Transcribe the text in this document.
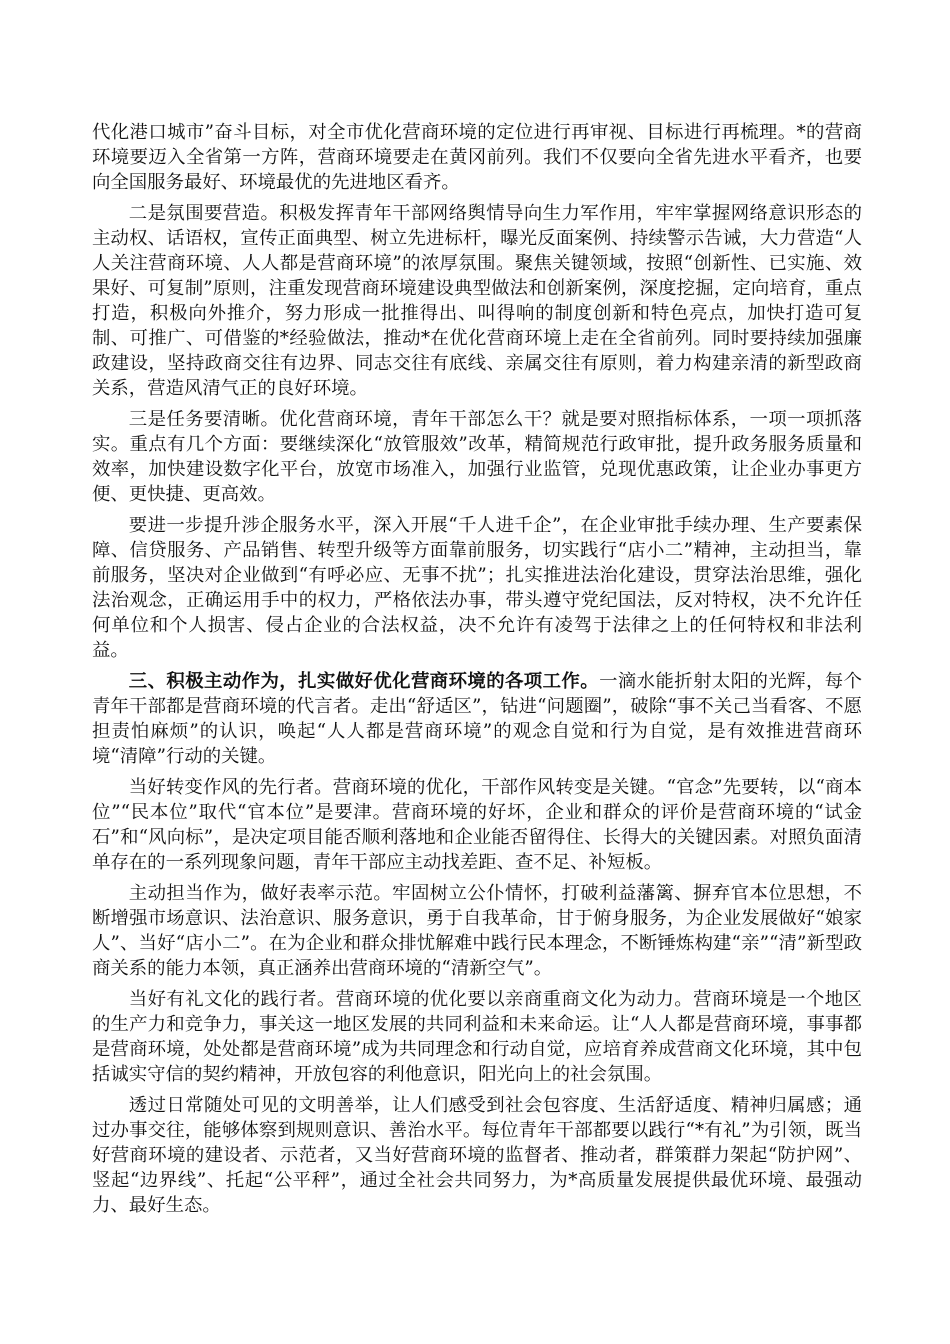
代化港口城市”奋斗目标，对全市优化营商环境的定位进行再审视、目标进行再梳理。*的营商环境要迈入全省第一方阵，营商环境要走在黄冈前列。我们不仅要向全省先进水平看齐，也要向全国服务最好、环境最优的先进地区看齐。

二是氛围要营造。积极发挥青年干部网络舆情导向生力军作用，牢牢掌握网络意识形态的主动权、话语权，宣传正面典型、树立先进标杆，曝光反面案例、持续警示告诫，大力营造“人人关注营商环境、人人都是营商环境”的浓厚氛围。聚焦关键领域，按照“创新性、已实施、效果好、可复制”原则，注重发现营商环境建设典型做法和创新案例，深度挖掘，定向培育，重点打造，积极向外推介，努力形成一批推得出、叫得响的制度创新和特色亮点，加快打造可复制、可推广、可借鉴的*经验做法，推动*在优化营商环境上走在全省前列。同时要持续加强廉政建设，坚持政商交往有边界、同志交往有底线、亲属交往有原则，着力构建亲清的新型政商关系，营造风清气正的良好环境。

三是任务要清晰。优化营商环境，青年干部怎么干？就是要对照指标体系，一项一项抓落实。重点有几个方面：要继续深化“放管服效”改革，精简规范行政审批，提升政务服务质量和效率，加快建设数字化平台，放宽市场准入，加强行业监管，兑现优惠政策，让企业办事更方便、更快捷、更高效。

要进一步提升涉企服务水平，深入开展“千人进千企”，在企业审批手续办理、生产要素保障、信贷服务、产品销售、转型升级等方面靠前服务，切实践行“店小二”精神，主动担当，靠前服务，坚决对企业做到“有呼必应、无事不扰”；扎实推进法治化建设，贯穿法治思维，强化法治观念，正确运用手中的权力，严格依法办事，带头遵守党纪国法，反对特权，决不允许任何单位和个人损害、侵占企业的合法权益，决不允许有凌驾于法律之上的任何特权和非法利益。

三、积极主动作为，扎实做好优化营商环境的各项工作。一滴水能折射太阳的光辉，每个青年干部都是营商环境的代言者。走出“舒适区”，钻进“问题圈”，破除“事不关己当看客、不愿担责怕麻烦”的认识，唤起“人人都是营商环境”的观念自觉和行为自觉，是有效推进营商环境“清障”行动的关键。

当好转变作风的先行者。营商环境的优化，干部作风转变是关键。“官念”先要转，以“商本位”“民本位”取代“官本位”是要津。营商环境的好坏，企业和群众的评价是营商环境的“试金石”和“风向标”，是决定项目能否顺利落地和企业能否留得住、长得大的关键因素。对照负面清单存在的一系列现象问题，青年干部应主动找差距、查不足、补短板。

主动担当作为，做好表率示范。牢固树立公仆情怀，打破利益藩篱、摒弃官本位思想，不断增强市场意识、法治意识、服务意识，勇于自我革命，甘于俯身服务，为企业发展做好“娘家人”、当好“店小二”。在为企业和群众排忧解难中践行民本理念，不断锤炼构建“亲”“清”新型政商关系的能力本领，真正涵养出营商环境的“清新空气”。

当好有礼文化的践行者。营商环境的优化要以亲商重商文化为动力。营商环境是一个地区的生产力和竞争力，事关这一地区发展的共同利益和未来命运。让“人人都是营商环境，事事都是营商环境，处处都是营商环境”成为共同理念和行动自觉，应培育养成营商文化环境，其中包括诚实守信的契约精神，开放包容的利他意识，阳光向上的社会氛围。

透过日常随处可见的文明善举，让人们感受到社会包容度、生活舒适度、精神归属感；通过办事交往，能够体察到规则意识、善治水平。每位青年干部都要以践行“*有礼”为引领，既当好营商环境的建设者、示范者，又当好营商环境的监督者、推动者，群策群力架起“防护网”、竖起“边界线”、托起“公平秤”，通过全社会共同努力，为*高质量发展提供最优环境、最强动力、最好生态。
